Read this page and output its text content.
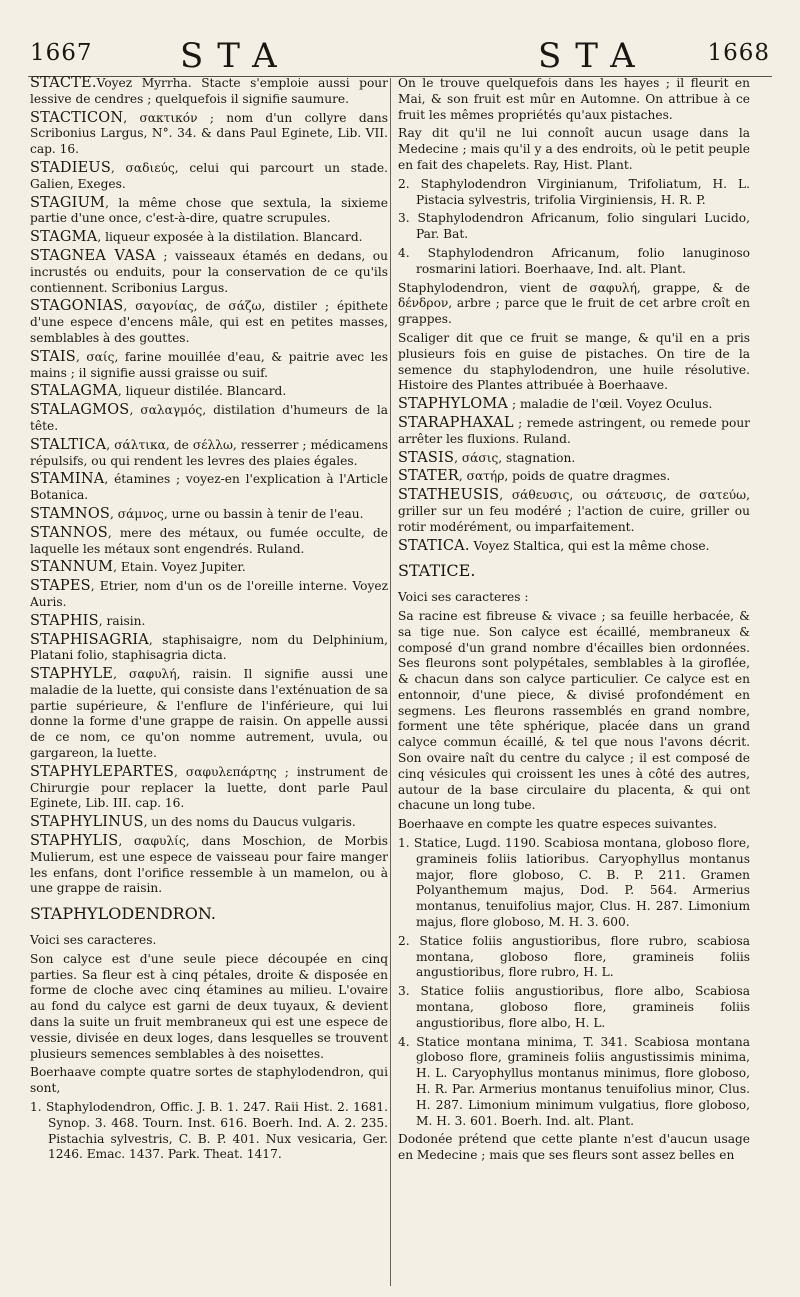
1667	STA	STA	1668

STACTE.Voyez Myrrha. Stacte s'emploie aussi pour lessive de cendres ; quelquefois il signifie saumure.

STACTICON, σακτικόν ; nom d'un collyre dans Scribonius Largus, N°. 34. & dans Paul Eginete, Lib. VII. cap. 16.

STADIEUS, σαδιεύς, celui qui parcourt un stade. Galien, Exeges.

STAGIUM, la même chose que sextula, la sixieme partie d'une once, c'est-à-dire, quatre scrupules.

STAGMA, liqueur exposée à la distilation. Blancard.

STAGNEA VASA ; vaisseaux étamés en dedans, ou incrustés ou enduits, pour la conservation de ce qu'ils contiennent. Scribonius Largus.

STAGONIAS, σαγονίας, de σάζω, distiler ; épithete d'une espece d'encens mâle, qui est en petites masses, semblables à des gouttes.

STAIS, σαίς, farine mouillée d'eau, & paitrie avec les mains ; il signifie aussi graisse ou suif.

STALAGMA, liqueur distilée. Blancard.

STALAGMOS, σαλαγμός, distilation d'humeurs de la tête.

STALTICA, σάλτικα, de σέλλω, resserrer ; médicamens répulsifs, ou qui rendent les levres des plaies égales.

STAMINA, étamines ; voyez-en l'explication à l'Article Botanica.

STAMNOS, σάμνος, urne ou bassin à tenir de l'eau.

STANNOS, mere des métaux, ou fumée occulte, de laquelle les métaux sont engendrés. Ruland.

STANNUM, Etain. Voyez Jupiter.

STAPES, Etrier, nom d'un os de l'oreille interne. Voyez Auris.

STAPHIS, raisin.

STAPHISAGRIA, staphisaigre, nom du Delphinium, Platani folio, staphisagria dicta.

STAPHYLE, σαφυλή, raisin. Il signifie aussi une maladie de la luette, qui consiste dans l'exténuation de sa partie supérieure, & l'enflure de l'inférieure, qui lui donne la forme d'une grappe de raisin. On appelle aussi de ce nom, ce qu'on nomme autrement, uvula, ou gargareon, la luette.

STAPHYLEPARTES, σαφυλεπάρτης ; instrument de Chirurgie pour replacer la luette, dont parle Paul Eginete, Lib. III. cap. 16.

STAPHYLINUS, un des noms du Daucus vulgaris.

STAPHYLIS, σαφυλίς, dans Moschion, de Morbis Mulierum, est une espece de vaisseau pour faire manger les enfans, dont l'orifice ressemble à un mamelon, ou à une grappe de raisin.

STAPHYLODENDRON.

Voici ses caracteres.

Son calyce est d'une seule piece découpée en cinq parties. Sa fleur est à cinq pétales, droite & disposée en forme de cloche avec cinq étamines au milieu. L'ovaire au fond du calyce est garni de deux tuyaux, & devient dans la suite un fruit membraneux qui est une espece de vessie, divisée en deux loges, dans lesquelles se trouvent plusieurs semences semblables à des noisettes.

Boerhaave compte quatre sortes de staphylodendron, qui sont,

1. Staphylodendron, Offic. J. B. 1. 247. Raii Hist. 2. 1681. Synop. 3. 468. Tourn. Inst. 616. Boerh. Ind. A. 2. 235. Pistachia sylvestris, C. B. P. 401. Nux vesicaria, Ger. 1246. Emac. 1437. Park. Theat. 1417.

On le trouve quelquefois dans les hayes ; il fleurit en Mai, & son fruit est mûr en Automne. On attribue à ce fruit les mêmes propriétés qu'aux pistaches.

Ray dit qu'il ne lui connoît aucun usage dans la Medecine ; mais qu'il y a des endroits, où le petit peuple en fait des chapelets. Ray, Hist. Plant.

2. Staphylodendron Virginianum, Trifoliatum, H. L. Pistacia sylvestris, trifolia Virginiensis, H. R. P.

3. Staphylodendron Africanum, folio singulari Lucido, Par. Bat.

4. Staphylodendron Africanum, folio lanuginoso rosmarini latiori. Boerhaave, Ind. alt. Plant.

Staphylodendron, vient de σαφυλή, grappe, & de δένδρον, arbre ; parce que le fruit de cet arbre croît en grappes.

Scaliger dit que ce fruit se mange, & qu'il en a pris plusieurs fois en guise de pistaches. On tire de la semence du staphylodendron, une huile résolutive. Histoire des Plantes attribuée à Boerhaave.

STAPHYLOMA ; maladie de l'œil. Voyez Oculus.

STARAPHAXAL ; remede astringent, ou remede pour arrêter les fluxions. Ruland.

STASIS, σάσις, stagnation.

STATER, σατήρ, poids de quatre dragmes.

STATHEUSIS, σάθευσις, ou σάτευσις, de σατεύω, griller sur un feu modéré ; l'action de cuire, griller ou rotir modérément, ou imparfaitement.

STATICA. Voyez Staltica, qui est la même chose.

STATICE.

Voici ses caracteres :

Sa racine est fibreuse & vivace ; sa feuille herbacée, & sa tige nue. Son calyce est écaillé, membraneux & composé d'un grand nombre d'écailles bien ordonnées. Ses fleurons sont polypétales, semblables à la giroflée, & chacun dans son calyce particulier. Ce calyce est en entonnoir, d'une piece, & divisé profondément en segmens. Les fleurons rassemblés en grand nombre, forment une tête sphérique, placée dans un grand calyce commun écaillé, & tel que nous l'avons décrit. Son ovaire naît du centre du calyce ; il est composé de cinq vésicules qui croissent les unes à côté des autres, autour de la base circulaire du placenta, & qui ont chacune un long tube.

Boerhaave en compte les quatre especes suivantes.

1. Statice, Lugd. 1190. Scabiosa montana, globoso flore, gramineis foliis latioribus. Caryophyllus montanus major, flore globoso, C. B. P. 211. Gramen Polyanthemum majus, Dod. P. 564. Armerius montanus, tenuifolius major, Clus. H. 287. Limonium majus, flore globoso, M. H. 3. 600.

2. Statice foliis angustioribus, flore rubro, scabiosa montana, globoso flore, gramineis foliis angustioribus, flore rubro, H. L.

3. Statice foliis angustioribus, flore albo, Scabiosa montana, globoso flore, gramineis foliis angustioribus, flore albo, H. L.

4. Statice montana minima, T. 341. Scabiosa montana globoso flore, gramineis foliis angustissimis minima, H. L. Caryophyllus montanus minimus, flore globoso, H. R. Par. Armerius montanus tenuifolius minor, Clus. H. 287. Limonium minimum vulgatius, flore globoso, M. H. 3. 601. Boerh. Ind. alt. Plant.

Dodonée prétend que cette plante n'est d'aucun usage en Medecine ; mais que ses fleurs sont assez belles en
